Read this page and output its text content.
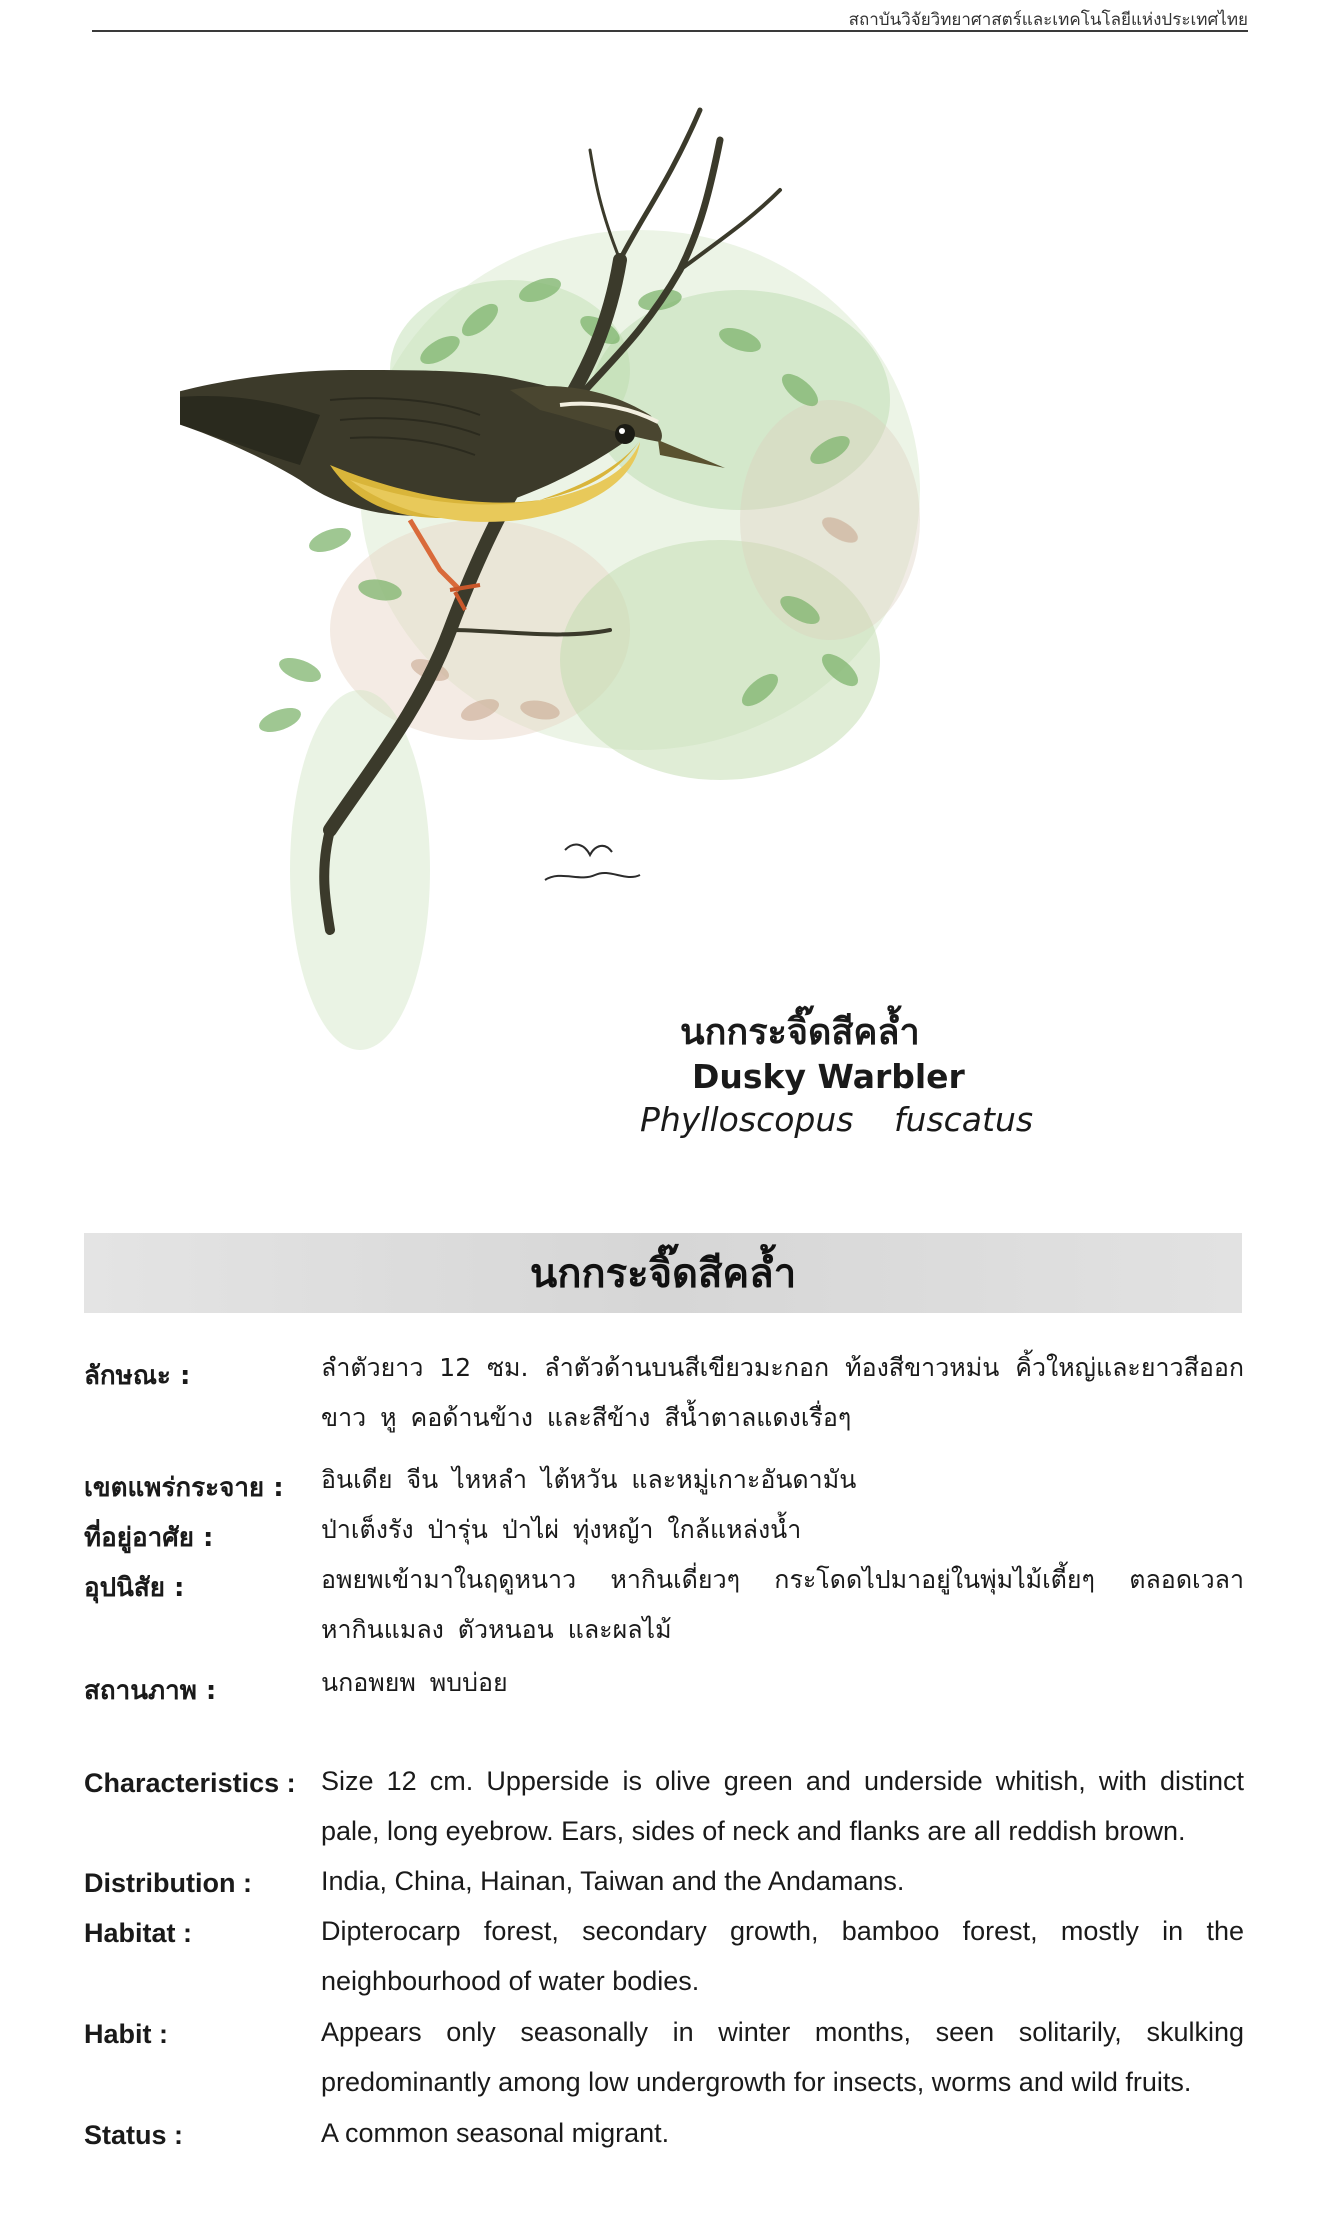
สถาบันวิจัยวิทยาศาสตร์และเทคโนโลยีแห่งประเทศไทย
นกกระจิ๊ดสีคล้ำ
Dusky Warbler
Phylloscopus fuscatus
นกกระจิ๊ดสีคล้ำ
ลักษณะ :	ลำตัวยาว 12 ซม. ลำตัวด้านบนสีเขียวมะกอก ท้องสีขาวหม่น คิ้วใหญ่และยาวสีออกขาว หู คอด้านข้าง และสีข้าง สีน้ำตาลแดงเรื่อๆ
เขตแพร่กระจาย : อินเดีย จีน ไหหลำ ไต้หวัน และหมู่เกาะอันดามัน
ที่อยู่อาศัย :	ป่าเต็งรัง ป่ารุ่น ป่าไผ่ ทุ่งหญ้า ใกล้แหล่งน้ำ
อุปนิสัย :	อพยพเข้ามาในฤดูหนาว หากินเดี่ยวๆ กระโดดไปมาอยู่ในพุ่มไม้เตี้ยๆ ตลอดเวลาหากินแมลง ตัวหนอน และผลไม้
สถานภาพ :	นกอพยพ พบบ่อย
Characteristics : Size 12 cm. Upperside is olive green and underside whitish, with distinct pale, long eyebrow. Ears, sides of neck and flanks are all reddish brown.
Distribution :	India, China, Hainan, Taiwan and the Andamans.
Habitat :	Dipterocarp forest, secondary growth, bamboo forest, mostly in the neighbourhood of water bodies.
Habit :	Appears only seasonally in winter months, seen solitarily, skulking predominantly among low undergrowth for insects, worms and wild fruits.
Status :	A common seasonal migrant.
